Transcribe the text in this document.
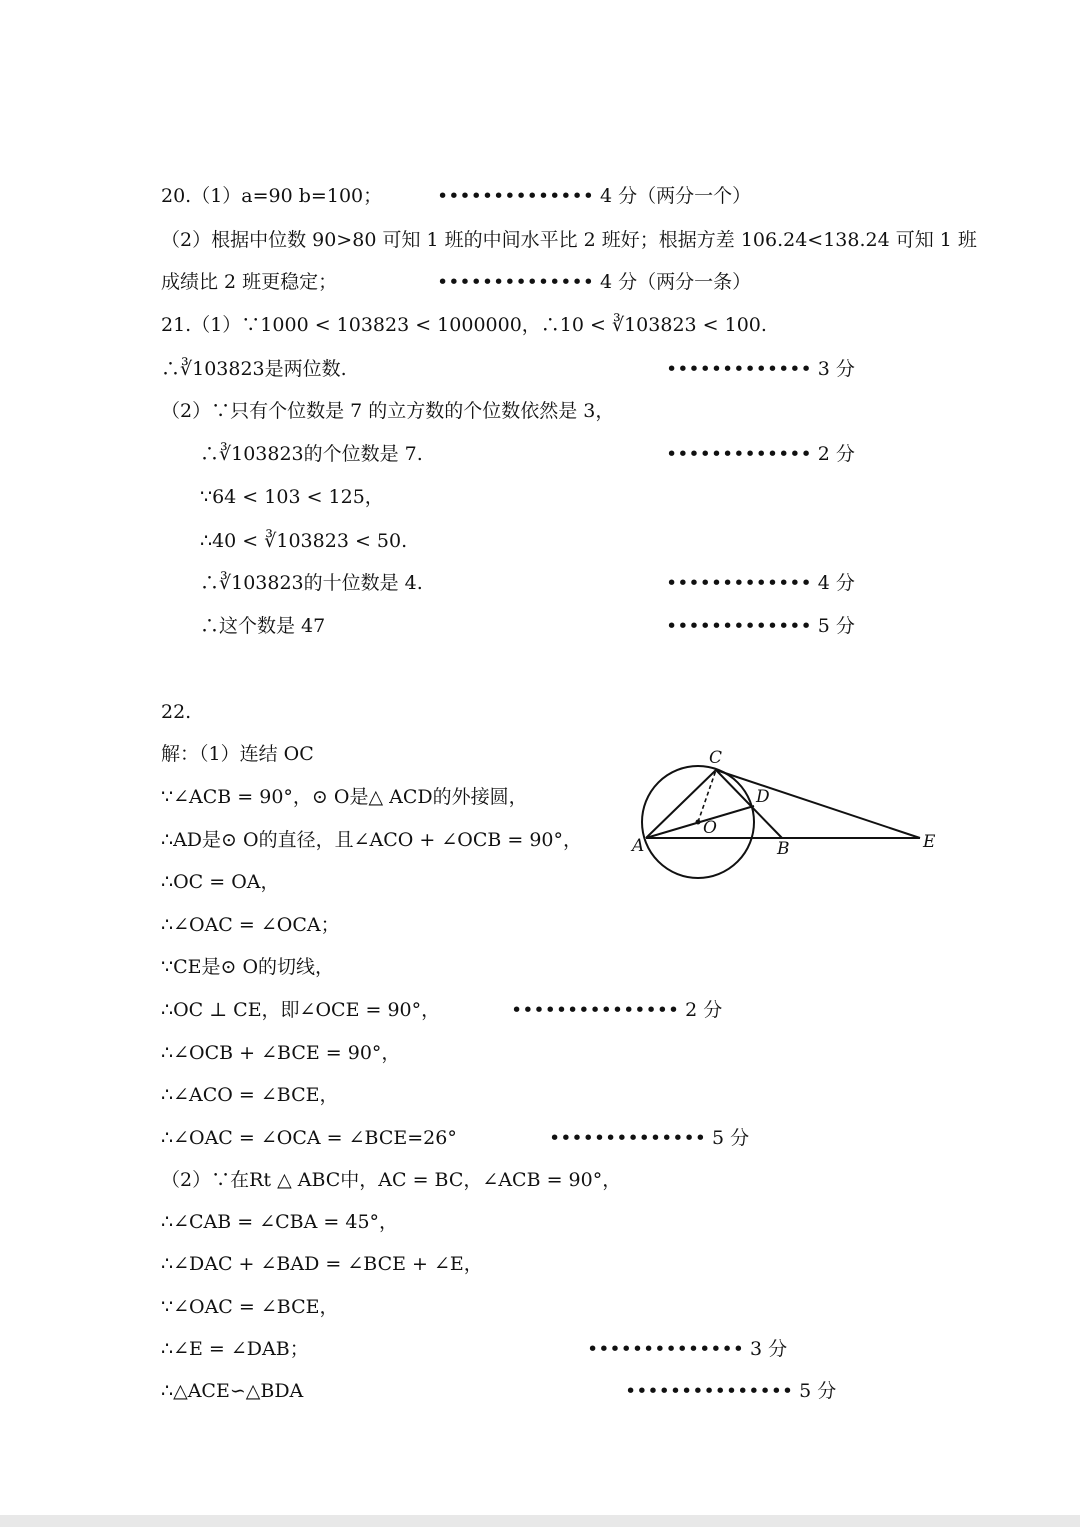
20.（1）a=90 b=100；	•••••••••••••• 4 分（两分一个）
（2）根据中位数 90>80 可知 1 班的中间水平比 2 班好；根据方差 106.24<138.24 可知 1 班
成绩比 2 班更稳定；	•••••••••••••• 4 分（两分一条）
21.（1）∵1000 < 103823 < 1000000，∴10 < ∛103823 < 100.
∴∛103823是两位数.	••••••••••••• 3 分
（2）∵只有个位数是 7 的立方数的个位数依然是 3，
∴∛103823的个位数是 7.	••••••••••••• 2 分
∵64 < 103 < 125，
∴40 < ∛103823 < 50.
∴∛103823的十位数是 4.	••••••••••••• 4 分
∴这个数是 47	••••••••••••• 5 分
22.
解：（1）连结 OC
∵∠ACB = 90°，⊙ O是△ ACD的外接圆，
∴AD是⊙ O的直径，且∠ACO + ∠OCB = 90°，
∴OC = OA，
∴∠OAC = ∠OCA；
∵CE是⊙ O的切线，
∴OC ⊥ CE，即∠OCE = 90°，	••••••••••••••• 2 分
∴∠OCB + ∠BCE = 90°，
∴∠ACO = ∠BCE，
∴∠OAC = ∠OCA = ∠BCE=26°	•••••••••••••• 5 分
（2）∵在Rt △ ABC中，AC = BC，∠ACB = 90°，
∴∠CAB = ∠CBA = 45°，
∴∠DAC + ∠BAD = ∠BCE + ∠E，
∵∠OAC = ∠BCE，
∴∠E = ∠DAB；	•••••••••••••• 3 分
∴△ACE∽△BDA	••••••••••••••• 5 分
A	B
C
D
E
O
